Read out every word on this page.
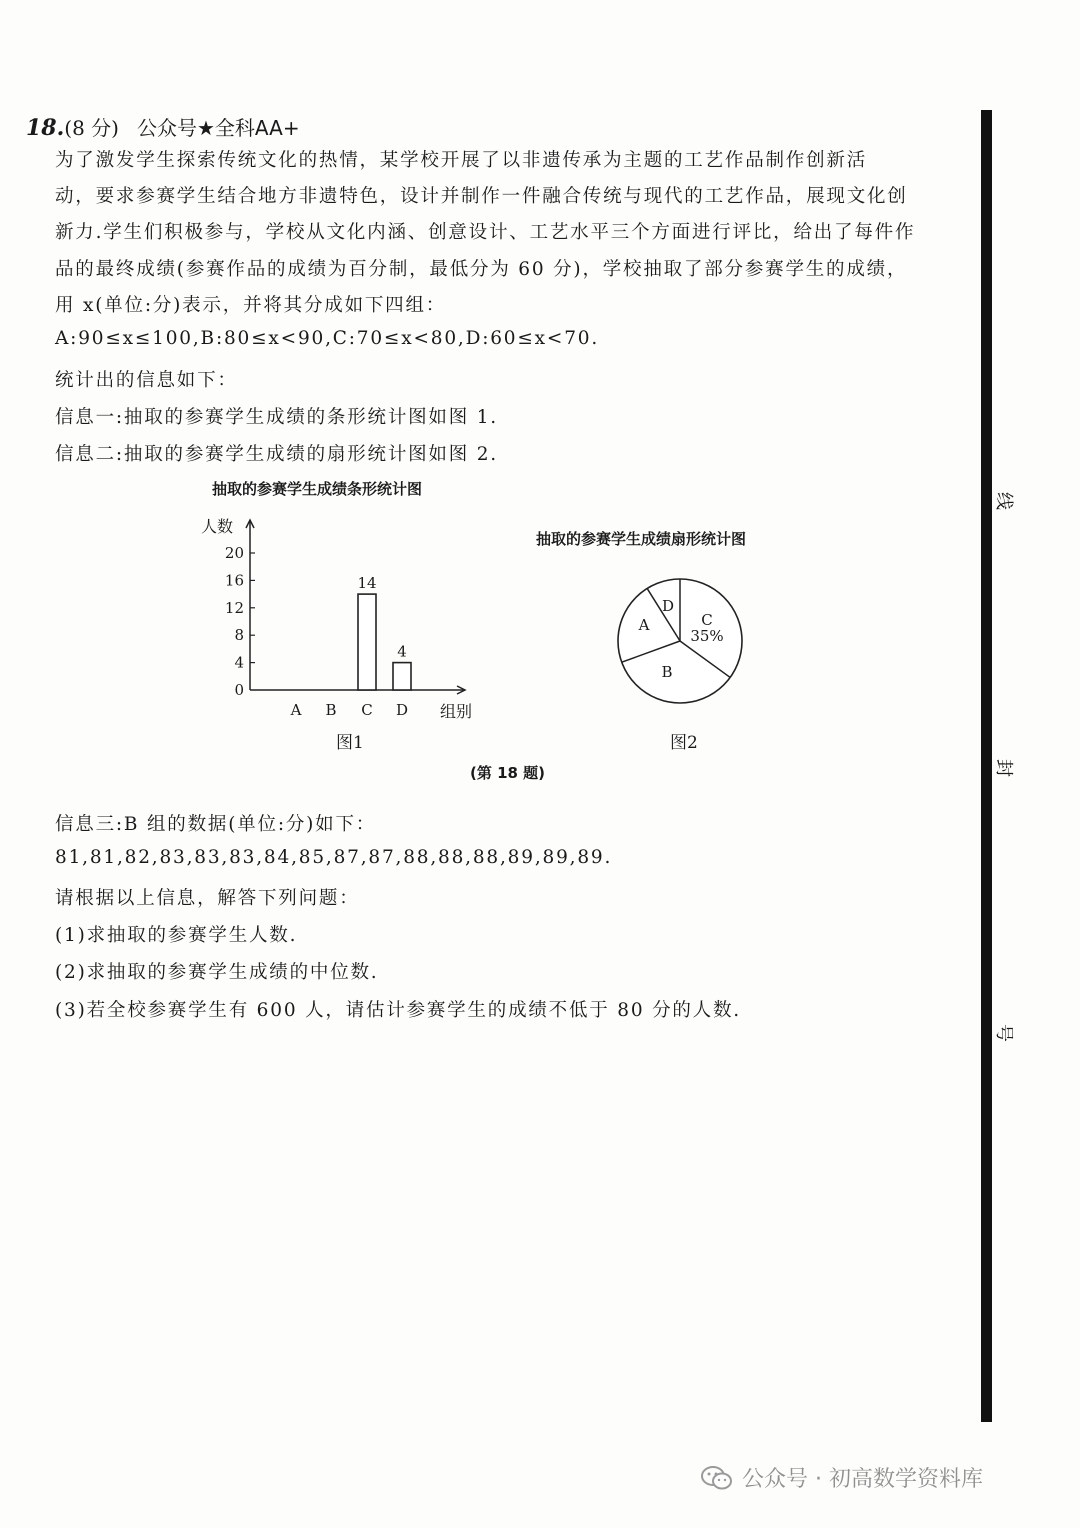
线
封
号
18.(8 分) 公众号★全科AA+
为了激发学生探索传统文化的热情，某学校开展了以非遗传承为主题的工艺作品制作创新活
动，要求参赛学生结合地方非遗特色，设计并制作一件融合传统与现代的工艺作品，展现文化创
新力.学生们积极参与，学校从文化内涵、创意设计、工艺水平三个方面进行评比，给出了每件作
品的最终成绩(参赛作品的成绩为百分制，最低分为 60 分)，学校抽取了部分参赛学生的成绩，
用 x(单位:分)表示，并将其分成如下四组：
A:90≤x≤100,B:80≤x<90,C:70≤x<80,D:60≤x<70.
统计出的信息如下：
信息一:抽取的参赛学生成绩的条形统计图如图 1.
信息二:抽取的参赛学生成绩的扇形统计图如图 2.
抽取的参赛学生成绩条形统计图
抽取的参赛学生成绩扇形统计图
人数
组别
0
4
8
12
16
20
A B C
14
D
4
C
35%
B
A
D
图1	图2
(第 18 题)
信息三:B 组的数据(单位:分)如下：
81,81,82,83,83,83,84,85,87,87,88,88,88,89,89,89.
请根据以上信息，解答下列问题：
(1)求抽取的参赛学生人数.
(2)求抽取的参赛学生成绩的中位数.
(3)若全校参赛学生有 600 人，请估计参赛学生的成绩不低于 80 分的人数.
公众号 · 初高数学资料库
